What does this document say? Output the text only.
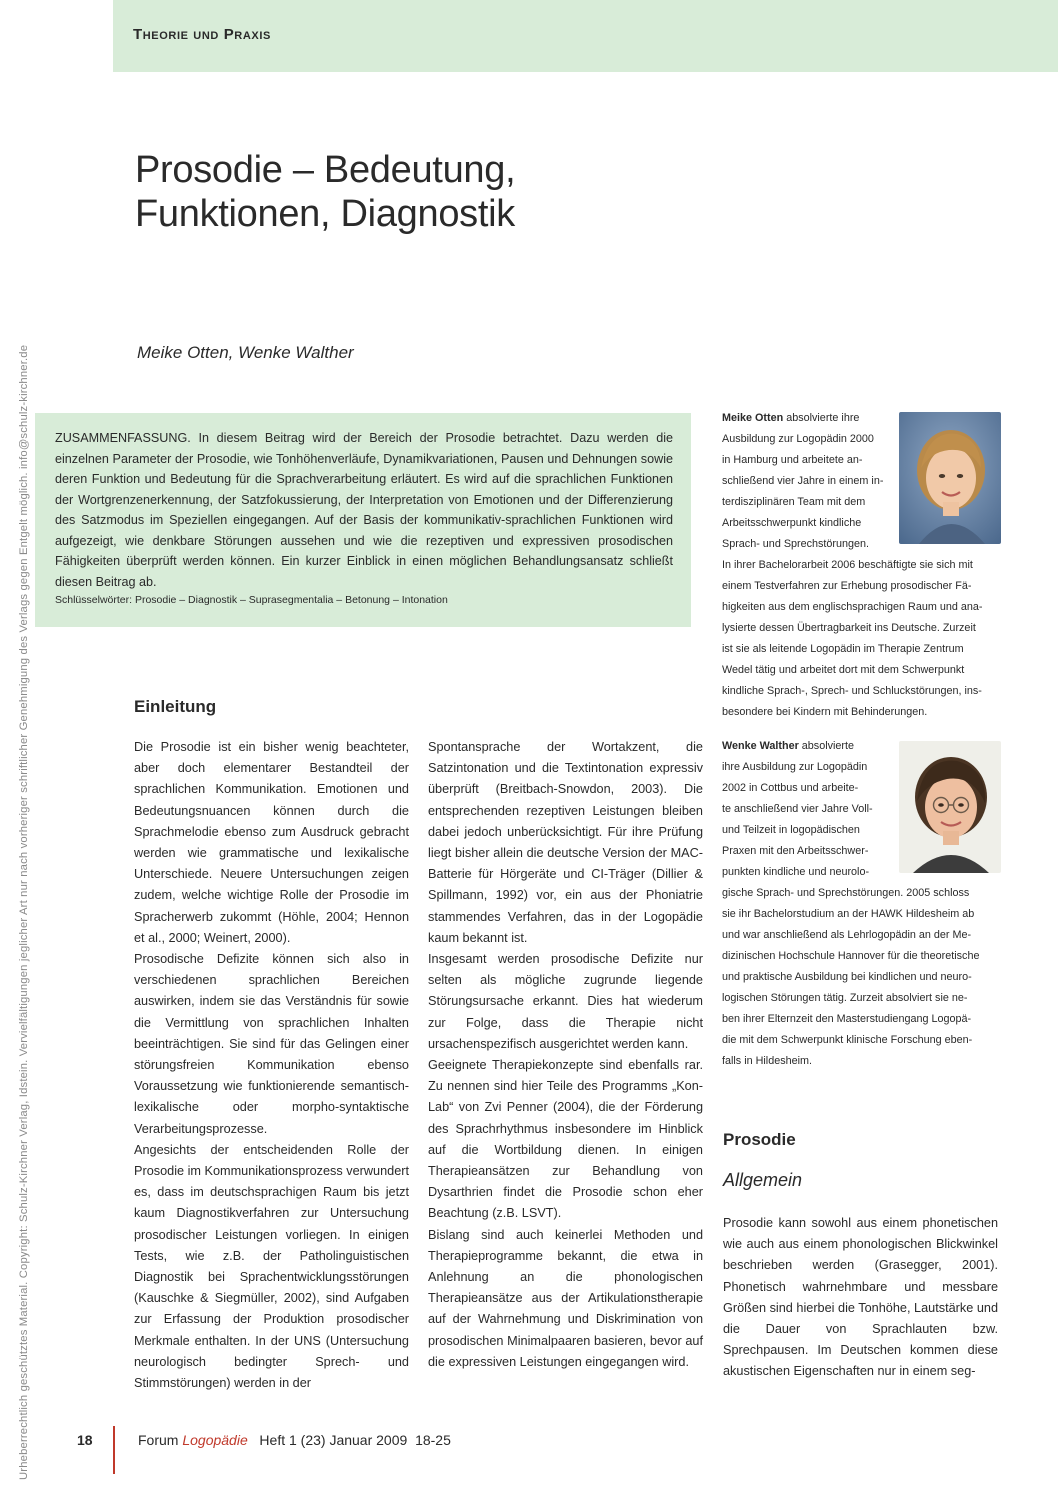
Urheberrechtlich geschütztes Material. Copyright: Schulz-Kirchner Verlag, Idstein. Vervielfältigungen jeglicher Art nur nach vorheriger schriftlicher Genehmigung des Verlags gegen Entgelt möglich. info@schulz-kirchner.de
Theorie und Praxis
Prosodie – Bedeutung,
Funktionen, Diagnostik
Meike Otten, Wenke Walther
ZUSAMMENFASSUNG. In diesem Beitrag wird der Bereich der Prosodie betrachtet. Dazu werden die einzelnen Parameter der Prosodie, wie Tonhöhenverläufe, Dynamikvariationen, Pausen und Dehnungen sowie deren Funktion und Bedeutung für die Sprachverarbeitung erläutert. Es wird auf die sprachlichen Funktionen der Wortgrenzenerkennung, der Satzfokussierung, der Interpretation von Emotionen und der Differenzierung des Satzmodus im Speziellen eingegangen. Auf der Basis der kommunikativ-sprachlichen Funktionen wird aufgezeigt, wie denkbare Störungen aussehen und wie die rezeptiven und expressiven prosodischen Fähigkeiten überprüft werden können. Ein kurzer Einblick in einen möglichen Behandlungsansatz schließt diesen Beitrag ab.
Schlüsselwörter: Prosodie – Diagnostik – Suprasegmentalia – Betonung – Intonation

Meike Otten absolvierte ihre

Ausbildung zur Logopädin 2000

in Hamburg und arbeitete an-

schließend vier Jahre in einem in-

terdisziplinären Team mit dem

Arbeitsschwerpunkt kindliche

Sprach- und Sprechstörungen.

In ihrer Bachelorarbeit 2006 beschäftigte sie sich mit

einem Testverfahren zur Erhebung prosodischer Fä-

higkeiten aus dem englischsprachigen Raum und ana-

lysierte dessen Übertragbarkeit ins Deutsche. Zurzeit

ist sie als leitende Logopädin im Therapie Zentrum

Wedel tätig und arbeitet dort mit dem Schwerpunkt

kindliche Sprach-, Sprech- und Schluckstörungen, ins-

besondere bei Kindern mit Behinderungen.

Wenke Walther absolvierte

ihre Ausbildung zur Logopädin

2002 in Cottbus und arbeite-

te anschließend vier Jahre Voll-

und Teilzeit in logopädischen

Praxen mit den Arbeitsschwer-

punkten kindliche und neurolo-

gische Sprach- und Sprechstörungen. 2005 schloss

sie ihr Bachelorstudium an der HAWK Hildesheim ab

und war anschließend als Lehrlogopädin an der Me-

dizinischen Hochschule Hannover für die theoretische

und praktische Ausbildung bei kindlichen und neuro-

logischen Störungen tätig. Zurzeit absolviert sie ne-

ben ihrer Elternzeit den Masterstudiengang Logopä-

die mit dem Schwerpunkt klinische Forschung eben-

falls in Hildesheim.

Einleitung
Prosodie
Allgemein

Die Prosodie ist ein bisher wenig beachteter, aber doch elementarer Bestandteil der sprachlichen Kommunikation. Emotionen und Bedeutungsnuancen können durch die Sprachmelodie ebenso zum Ausdruck gebracht werden wie grammatische und lexikalische Unterschiede. Neuere Untersuchungen zeigen zudem, welche wichtige Rolle der Prosodie im Spracherwerb zukommt (Höhle, 2004; Hennon et al., 2000; Weinert, 2000).

Prosodische Defizite können sich also in verschiedenen sprachlichen Bereichen auswirken, indem sie das Verständnis für sowie die Vermittlung von sprachlichen Inhalten beeinträchtigen. Sie sind für das Gelingen einer störungsfreien Kommunikation ebenso Voraussetzung wie funktionierende semantisch-lexikalische oder morpho-syntaktische Verarbeitungsprozesse.

Angesichts der entscheidenden Rolle der Prosodie im Kommunikationsprozess verwundert es, dass im deutschsprachigen Raum bis jetzt kaum Diagnostikverfahren zur Untersuchung prosodischer Leistungen vorliegen. In einigen Tests, wie z.B. der Patholinguistischen Diagnostik bei Sprachentwicklungsstörungen (Kauschke & Siegmüller, 2002), sind Aufgaben zur Erfassung der Produktion prosodischer Merkmale enthalten. In der UNS (Untersuchung neurologisch bedingter Sprech- und Stimmstörungen) werden in der

Spontansprache der Wortakzent, die Satzintonation und die Textintonation expressiv überprüft (Breitbach-Snowdon, 2003). Die entsprechenden rezeptiven Leistungen bleiben dabei jedoch unberücksichtigt. Für ihre Prüfung liegt bisher allein die deutsche Version der MAC-Batterie für Hörgeräte und CI-Träger (Dillier & Spillmann, 1992) vor, ein aus der Phoniatrie stammendes Verfahren, das in der Logopädie kaum bekannt ist.

Insgesamt werden prosodische Defizite nur selten als mögliche zugrunde liegende Störungsursache erkannt. Dies hat wiederum zur Folge, dass die Therapie nicht ursachenspezifisch ausgerichtet werden kann.

Geeignete Therapiekonzepte sind ebenfalls rar. Zu nennen sind hier Teile des Programms „Kon-Lab“ von Zvi Penner (2004), die der Förderung des Sprachrhythmus insbesondere im Hinblick auf die Wortbildung dienen. In einigen Therapieansätzen zur Behandlung von Dysarthrien findet die Prosodie schon eher Beachtung (z.B. LSVT).

Bislang sind auch keinerlei Methoden und Therapieprogramme bekannt, die etwa in Anlehnung an die phonologischen Therapieansätze aus der Artikulationstherapie auf der Wahrnehmung und Diskrimination von prosodischen Minimalpaaren basieren, bevor auf die expressiven Leistungen eingegangen wird.

Prosodie kann sowohl aus einem phonetischen wie auch aus einem phonologischen Blickwinkel beschrieben werden (Grasegger, 2001). Phonetisch wahrnehmbare und messbare Größen sind hierbei die Tonhöhe, Lautstärke und die Dauer von Sprachlauten bzw. Sprechpausen. Im Deutschen kommen diese akustischen Eigenschaften nur in einem seg-

18	Forum Logopädie   Heft 1 (23) Januar 2009  18-25
